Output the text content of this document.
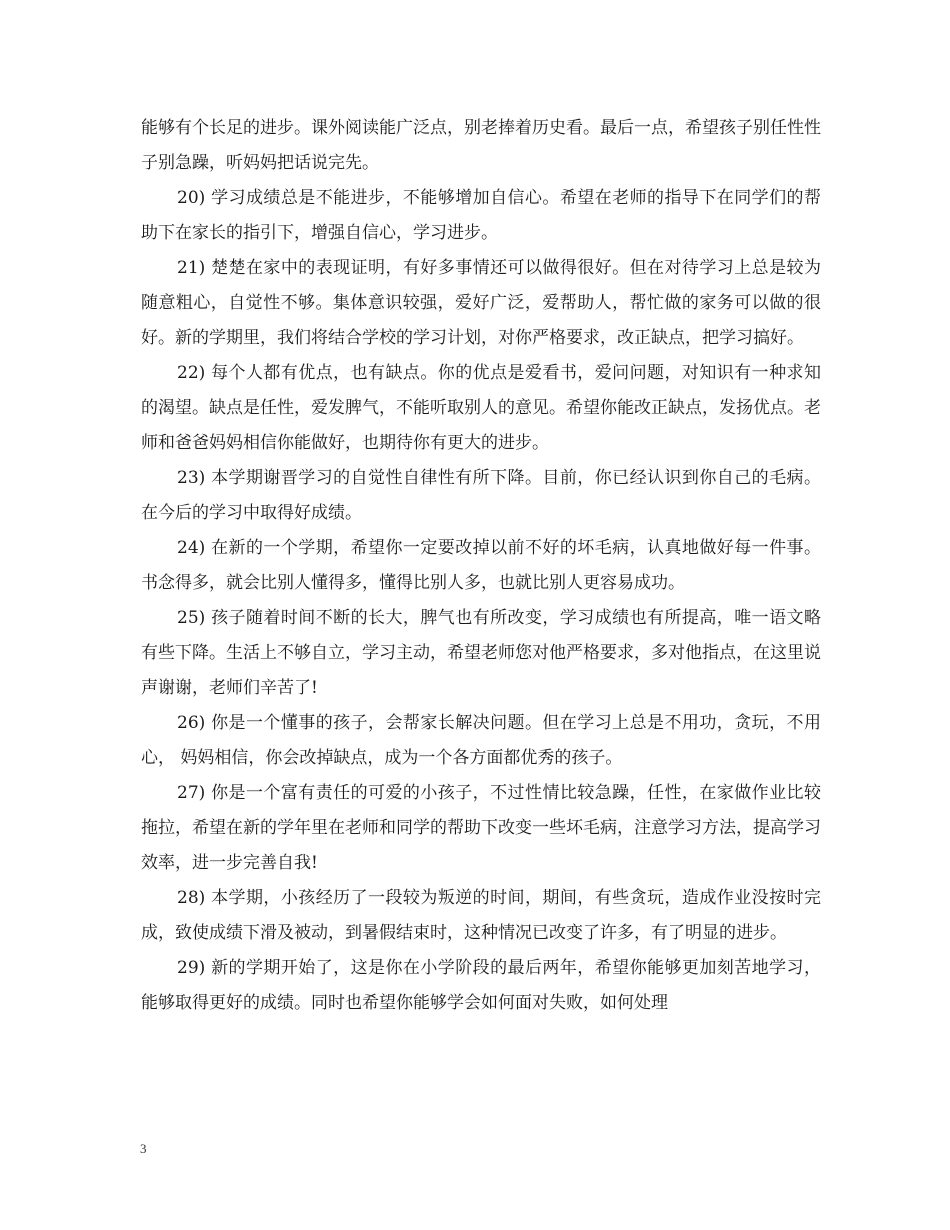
能够有个长足的进步。课外阅读能广泛点，别老捧着历史看。最后一点，希望孩子别任性性子别急躁，听妈妈把话说完先。

20) 学习成绩总是不能进步，不能够增加自信心。希望在老师的指导下在同学们的帮助下在家长的指引下，增强自信心，学习进步。

21) 楚楚在家中的表现证明，有好多事情还可以做得很好。但在对待学习上总是较为随意粗心，自觉性不够。集体意识较强，爱好广泛，爱帮助人，帮忙做的家务可以做的很好。新的学期里，我们将结合学校的学习计划，对你严格要求，改正缺点，把学习搞好。

22) 每个人都有优点，也有缺点。你的优点是爱看书，爱问问题，对知识有一种求知的渴望。缺点是任性，爱发脾气，不能听取别人的意见。希望你能改正缺点，发扬优点。老师和爸爸妈妈相信你能做好，也期待你有更大的进步。

23) 本学期谢晋学习的自觉性自律性有所下降。目前，你已经认识到你自己的毛病。在今后的学习中取得好成绩。

24) 在新的一个学期，希望你一定要改掉以前不好的坏毛病，认真地做好每一件事。书念得多，就会比别人懂得多，懂得比别人多，也就比别人更容易成功。

25) 孩子随着时间不断的长大，脾气也有所改变，学习成绩也有所提高，唯一语文略有些下降。生活上不够自立，学习主动，希望老师您对他严格要求，多对他指点，在这里说声谢谢，老师们辛苦了!

26) 你是一个懂事的孩子，会帮家长解决问题。但在学习上总是不用功，贪玩，不用心， 妈妈相信，你会改掉缺点，成为一个各方面都优秀的孩子。

27) 你是一个富有责任的可爱的小孩子，不过性情比较急躁，任性，在家做作业比较拖拉，希望在新的学年里在老师和同学的帮助下改变一些坏毛病，注意学习方法，提高学习效率，进一步完善自我!

28) 本学期，小孩经历了一段较为叛逆的时间，期间，有些贪玩，造成作业没按时完成，致使成绩下滑及被动，到暑假结束时，这种情况已改变了许多，有了明显的进步。

29) 新的学期开始了，这是你在小学阶段的最后两年，希望你能够更加刻苦地学习，能够取得更好的成绩。同时也希望你能够学会如何面对失败，如何处理

3
